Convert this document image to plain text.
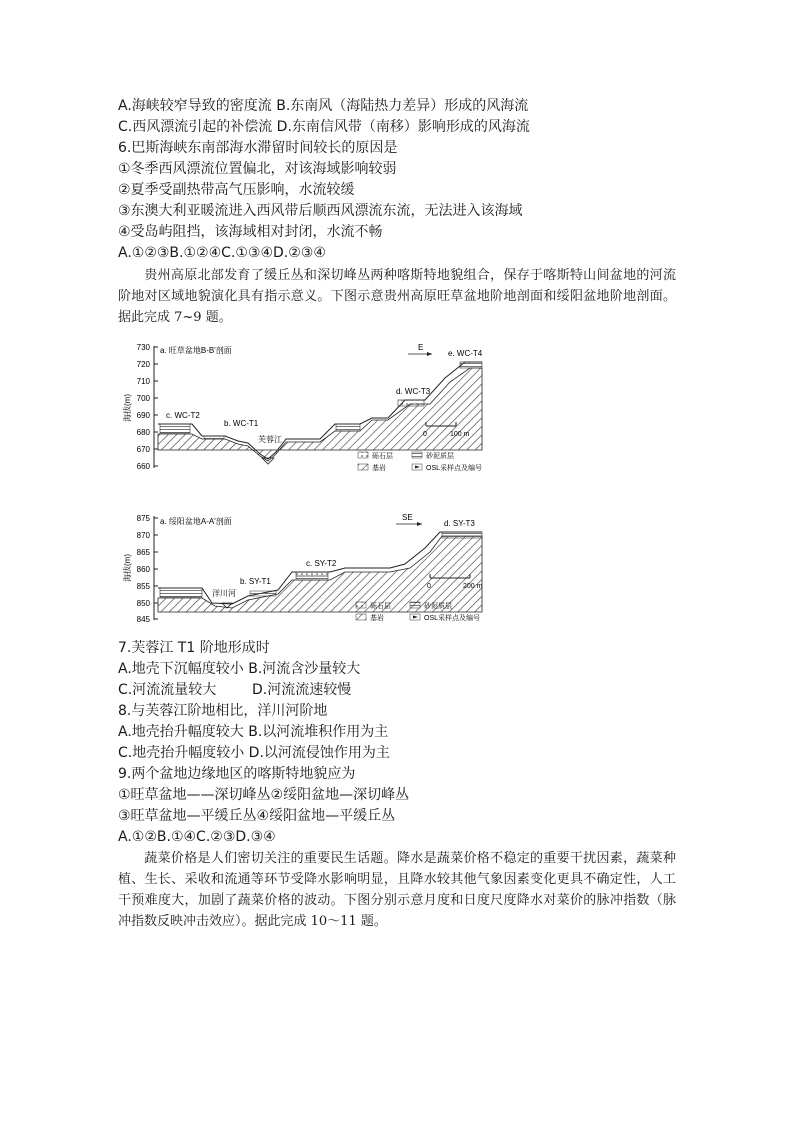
A.海峡较窄导致的密度流 B.东南风（海陆热力差异）形成的风海流
C.西风漂流引起的补偿流 D.东南信风带（南移）影响形成的风海流
6.巴斯海峡东南部海水滞留时间较长的原因是
①冬季西风漂流位置偏北，对该海域影响较弱
②夏季受副热带高气压影响，水流较缓
③东澳大利亚暖流进入西风带后顺西风漂流东流，无法进入该海域
④受岛屿阻挡，该海域相对封闭，水流不畅
A.①②③B.①②④C.①③④D.②③④
贵州高原北部发育了缓丘丛和深切峰丛两种喀斯特地貌组合，保存于喀斯特山间盆地的河流阶地对区域地貌演化具有指示意义。下图示意贵州高原旺草盆地阶地剖面和绥阳盆地阶地剖面。据此完成 7~9 题。
730
720
710
700
690
680
670
660
海拔(m)
a. 旺草盆地B-B'剖面
芙蓉江
c. WC-T2
b. WC-T1
d. WC-T3
e. WC-T4
E
0	100 m
砾石层	砂泥质层
基岩	OSL采样点及编号
875
870
865
860
855
850
845
海拔(m)
a. 绥阳盆地A-A'剖面
洋川河
b. SY-T1
c. SY-T2
d. SY-T3
SE
0	200 m
砾石层	砂泥质层
基岩	OSL采样点及编号
7.芙蓉江 T1 阶地形成时
A.地壳下沉幅度较小 B.河流含沙量较大
C.河流流量较大	D.河流流速较慢
8.与芙蓉江阶地相比，洋川河阶地
A.地壳抬升幅度较大 B.以河流堆积作用为主
C.地壳抬升幅度较小 D.以河流侵蚀作用为主
9.两个盆地边缘地区的喀斯特地貌应为
①旺草盆地——深切峰丛②绥阳盆地—深切峰丛
③旺草盆地—平缓丘丛④绥阳盆地—平缓丘丛
A.①②B.①④C.②③D.③④
蔬菜价格是人们密切关注的重要民生话题。降水是蔬菜价格不稳定的重要干扰因素，蔬菜种植、生长、采收和流通等环节受降水影响明显，且降水较其他气象因素变化更具不确定性，人工干预难度大，加剧了蔬菜价格的波动。下图分别示意月度和日度尺度降水对菜价的脉冲指数（脉冲指数反映冲击效应）。据此完成 10～11 题。
